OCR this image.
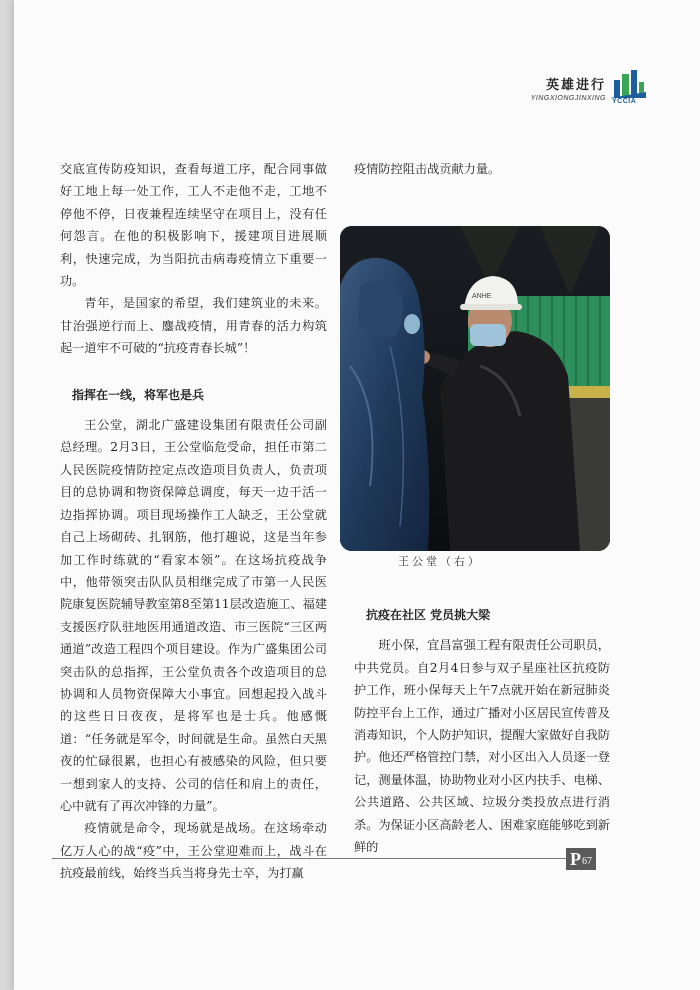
英雄进行
YINGXIONGJINXING YCCIA

交底宣传防疫知识，查看每道工序，配合同事做好工地上每一处工作，工人不走他不走，工地不停他不停，日夜兼程连续坚守在项目上，没有任何怨言。在他的积极影响下，援建项目进展顺利，快速完成，为当阳抗击病毒疫情立下重要一功。

青年，是国家的希望，我们建筑业的未来。甘治强逆行而上、鏖战疫情，用青春的活力构筑起一道牢不可破的“抗疫青春长城”！

指挥在一线，将军也是兵

王公堂，湖北广盛建设集团有限责任公司副总经理。2月3日，王公堂临危受命，担任市第二人民医院疫情防控定点改造项目负责人，负责项目的总协调和物资保障总调度，每天一边干活一边指挥协调。项目现场操作工人缺乏，王公堂就自己上场砌砖、扎钢筋，他打趣说，这是当年参加工作时练就的“看家本领”。在这场抗疫战争中，他带领突击队队员相继完成了市第一人民医院康复医院辅导教室第8至第11层改造施工、福建支援医疗队驻地医用通道改造、市三医院“三区两通道”改造工程四个项目建设。作为广盛集团公司突击队的总指挥，王公堂负责各个改造项目的总协调和人员物资保障大小事宜。回想起投入战斗的这些日日夜夜，是将军也是士兵。他感慨道：“任务就是军令，时间就是生命。虽然白天黑夜的忙碌很累，也担心有被感染的风险，但只要一想到家人的支持、公司的信任和肩上的责任，心中就有了再次冲锋的力量”。

疫情就是命令，现场就是战场。在这场牵动亿万人心的战“疫”中，王公堂迎难而上，战斗在抗疫最前线，始终当兵当将身先士卒，为打赢

疫情防控阻击战贡献力量。

ANHE
王公堂（右）

抗疫在社区 党员挑大梁

班小保，宜昌富强工程有限责任公司职员，中共党员。自2月4日参与双子星座社区抗疫防护工作，班小保每天上午7点就开始在新冠肺炎防控平台上工作，通过广播对小区居民宣传普及消毒知识，个人防护知识，提醒大家做好自我防护。他还严格管控门禁，对小区出入人员逐一登记，测量体温，协助物业对小区内扶手、电梯、公共道路、公共区域、垃圾分类投放点进行消杀。为保证小区高龄老人、困难家庭能够吃到新鲜的

P 67
